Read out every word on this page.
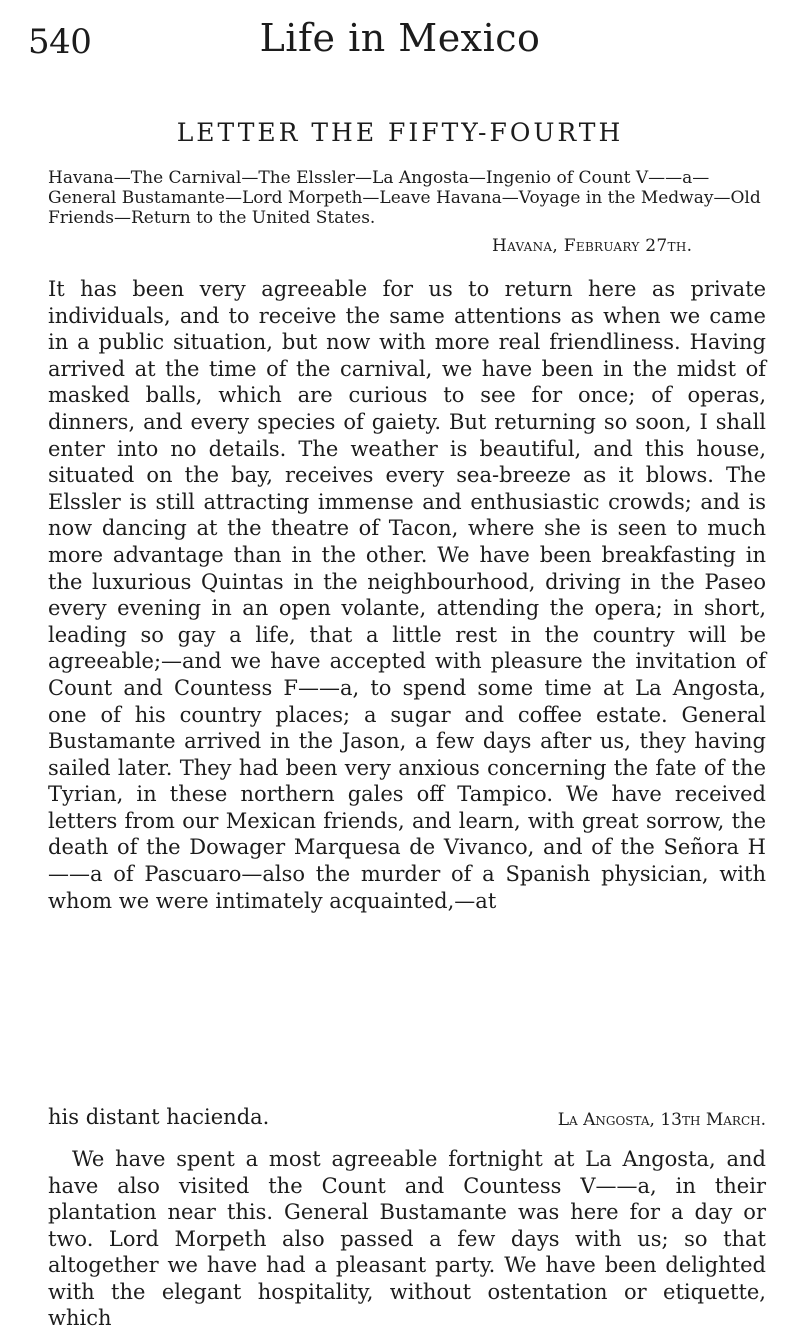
540	Life in Mexico
LETTER THE FIFTY-FOURTH
Havana—The Carnival—The Elssler—La Angosta—Ingenio of Count V——a—General Bustamante—Lord Morpeth—Leave Havana—Voyage in the Medway—Old Friends—Return to the United States.
Havana, February 27th.

It has been very agreeable for us to return here as private individuals, and to receive the same attentions as when we came in a public situation, but now with more real friendliness. Having arrived at the time of the carnival, we have been in the midst of masked balls, which are curious to see for once; of operas, dinners, and every species of gaiety. But returning so soon, I shall enter into no details. The weather is beautiful, and this house, situated on the bay, receives every sea-breeze as it blows. The Elssler is still attracting immense and enthusiastic crowds; and is now dancing at the theatre of Tacon, where she is seen to much more advantage than in the other. We have been breakfasting in the luxurious Quintas in the neighbourhood, driving in the Paseo every evening in an open volante, attending the opera; in short, leading so gay a life, that a little rest in the country will be agreeable;—and we have accepted with pleasure the invitation of Count and Countess F——a, to spend some time at La Angosta, one of his country places; a sugar and coffee estate. General Bustamante arrived in the Jason, a few days after us, they having sailed later. They had been very anxious concerning the fate of the Tyrian, in these northern gales off Tampico. We have received letters from our Mexican friends, and learn, with great sorrow, the death of the Dowager Marquesa de Vivanco, and of the Señora H——a of Pascuaro—also the murder of a Spanish physician, with whom we were intimately acquainted,—at

his distant hacienda.	La Angosta, 13th March.

We have spent a most agreeable fortnight at La Angosta, and have also visited the Count and Countess V——a, in their plantation near this. General Bustamante was here for a day or two. Lord Morpeth also passed a few days with us; so that altogether we have had a pleasant party. We have been delighted with the elegant hospitality, without ostentation or etiquette, which
